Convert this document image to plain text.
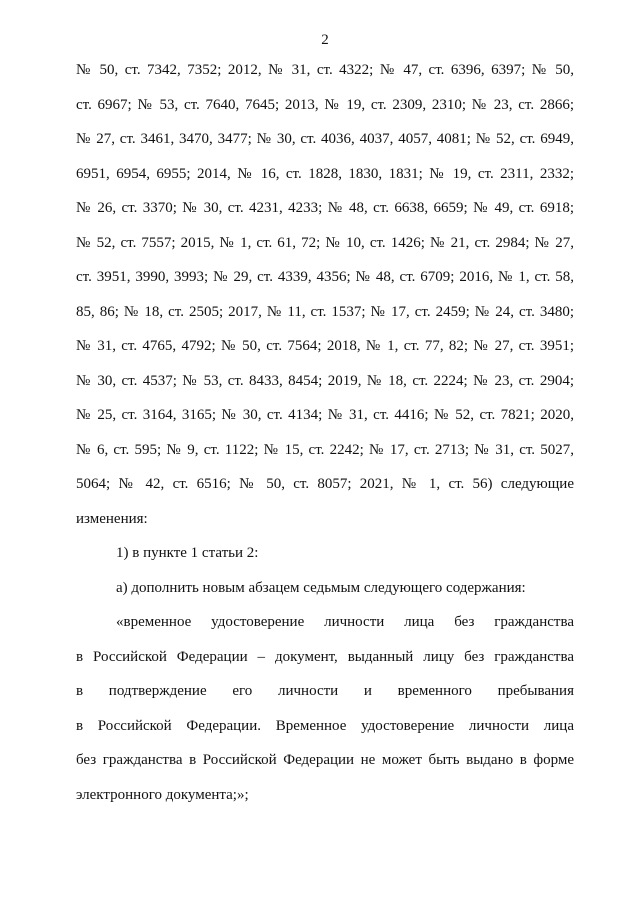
2
№ 50, ст. 7342, 7352; 2012, № 31, ст. 4322; № 47, ст. 6396, 6397; № 50,
ст. 6967; № 53, ст. 7640, 7645; 2013, № 19, ст. 2309, 2310; № 23, ст. 2866;
№ 27, ст. 3461, 3470, 3477; № 30, ст. 4036, 4037, 4057, 4081; № 52, ст. 6949,
6951, 6954, 6955; 2014, № 16, ст. 1828, 1830, 1831; № 19, ст. 2311, 2332;
№ 26, ст. 3370; № 30, ст. 4231, 4233; № 48, ст. 6638, 6659; № 49, ст. 6918;
№ 52, ст. 7557; 2015, № 1, ст. 61, 72; № 10, ст. 1426; № 21, ст. 2984; № 27,
ст. 3951, 3990, 3993; № 29, ст. 4339, 4356; № 48, ст. 6709; 2016, № 1, ст. 58,
85, 86; № 18, ст. 2505; 2017, № 11, ст. 1537; № 17, ст. 2459; № 24, ст. 3480;
№ 31, ст. 4765, 4792; № 50, ст. 7564; 2018, № 1, ст. 77, 82; № 27, ст. 3951;
№ 30, ст. 4537; № 53, ст. 8433, 8454; 2019, № 18, ст. 2224; № 23, ст. 2904;
№ 25, ст. 3164, 3165; № 30, ст. 4134; № 31, ст. 4416; № 52, ст. 7821; 2020,
№ 6, ст. 595; № 9, ст. 1122; № 15, ст. 2242; № 17, ст. 2713; № 31, ст. 5027,
5064; № 42, ст. 6516; № 50, ст. 8057; 2021, № 1, ст. 56) следующие
изменения:
1) в пункте 1 статьи 2:
а) дополнить новым абзацем седьмым следующего содержания:
«временное удостоверение личности лица без гражданства
в Российской Федерации – документ, выданный лицу без гражданства
в подтверждение его личности и временного пребывания
в Российской Федерации. Временное удостоверение личности лица
без гражданства в Российской Федерации не может быть выдано в форме
электронного документа;»;
